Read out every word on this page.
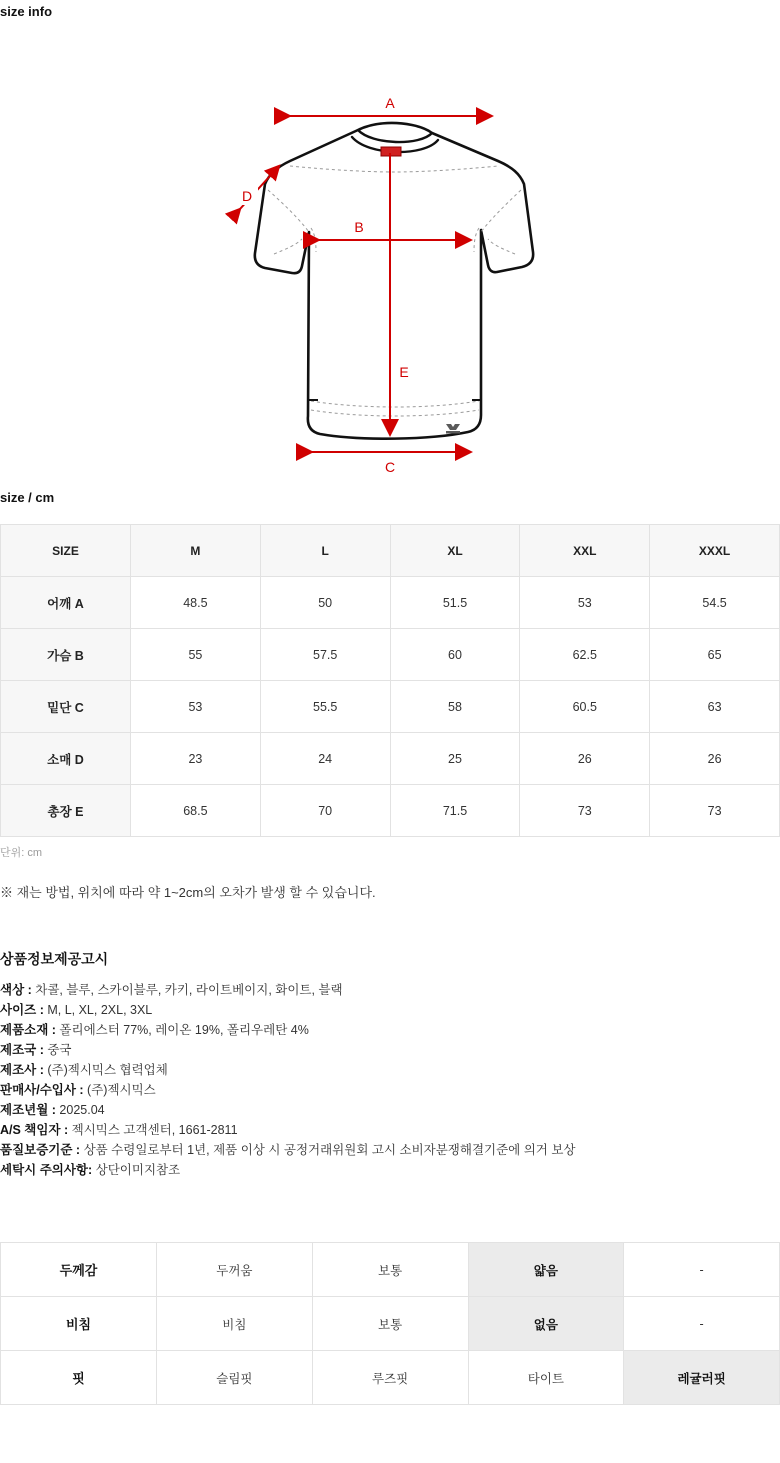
size info
A
B
C
D
E
size / cm
SIZE	M	L	XL	XXL	XXXL
어깨 A	48.5	50	51.5	53	54.5
가슴 B	55	57.5	60	62.5	65
밑단 C	53	55.5	58	60.5	63
소매 D	23	24	25	26	26
총장 E	68.5	70	71.5	73	73

단위: cm

※ 재는 방법, 위치에 따라 약 1~2cm의 오차가 발생 할 수 있습니다.

상품정보제공고시
색상 : 차콜, 블루, 스카이블루, 카키, 라이트베이지, 화이트, 블랙
사이즈 : M, L, XL, 2XL, 3XL
제품소재 : 폴리에스터 77%, 레이온 19%, 폴리우레탄 4%
제조국 : 중국
제조사 : (주)젝시믹스 협력업체
판매사/수입사 : (주)젝시믹스
제조년월 : 2025.04
A/S 책임자 : 젝시믹스 고객센터, 1661-2811
품질보증기준 : 상품 수령일로부터 1년, 제품 이상 시 공정거래위원회 고시 소비자분쟁해결기준에 의거 보상
세탁시 주의사항: 상단이미지참조
두께감	두꺼움	보통	얇음	-
비침	비침	보통	없음	-
핏	슬림핏	루즈핏	타이트	레귤러핏
